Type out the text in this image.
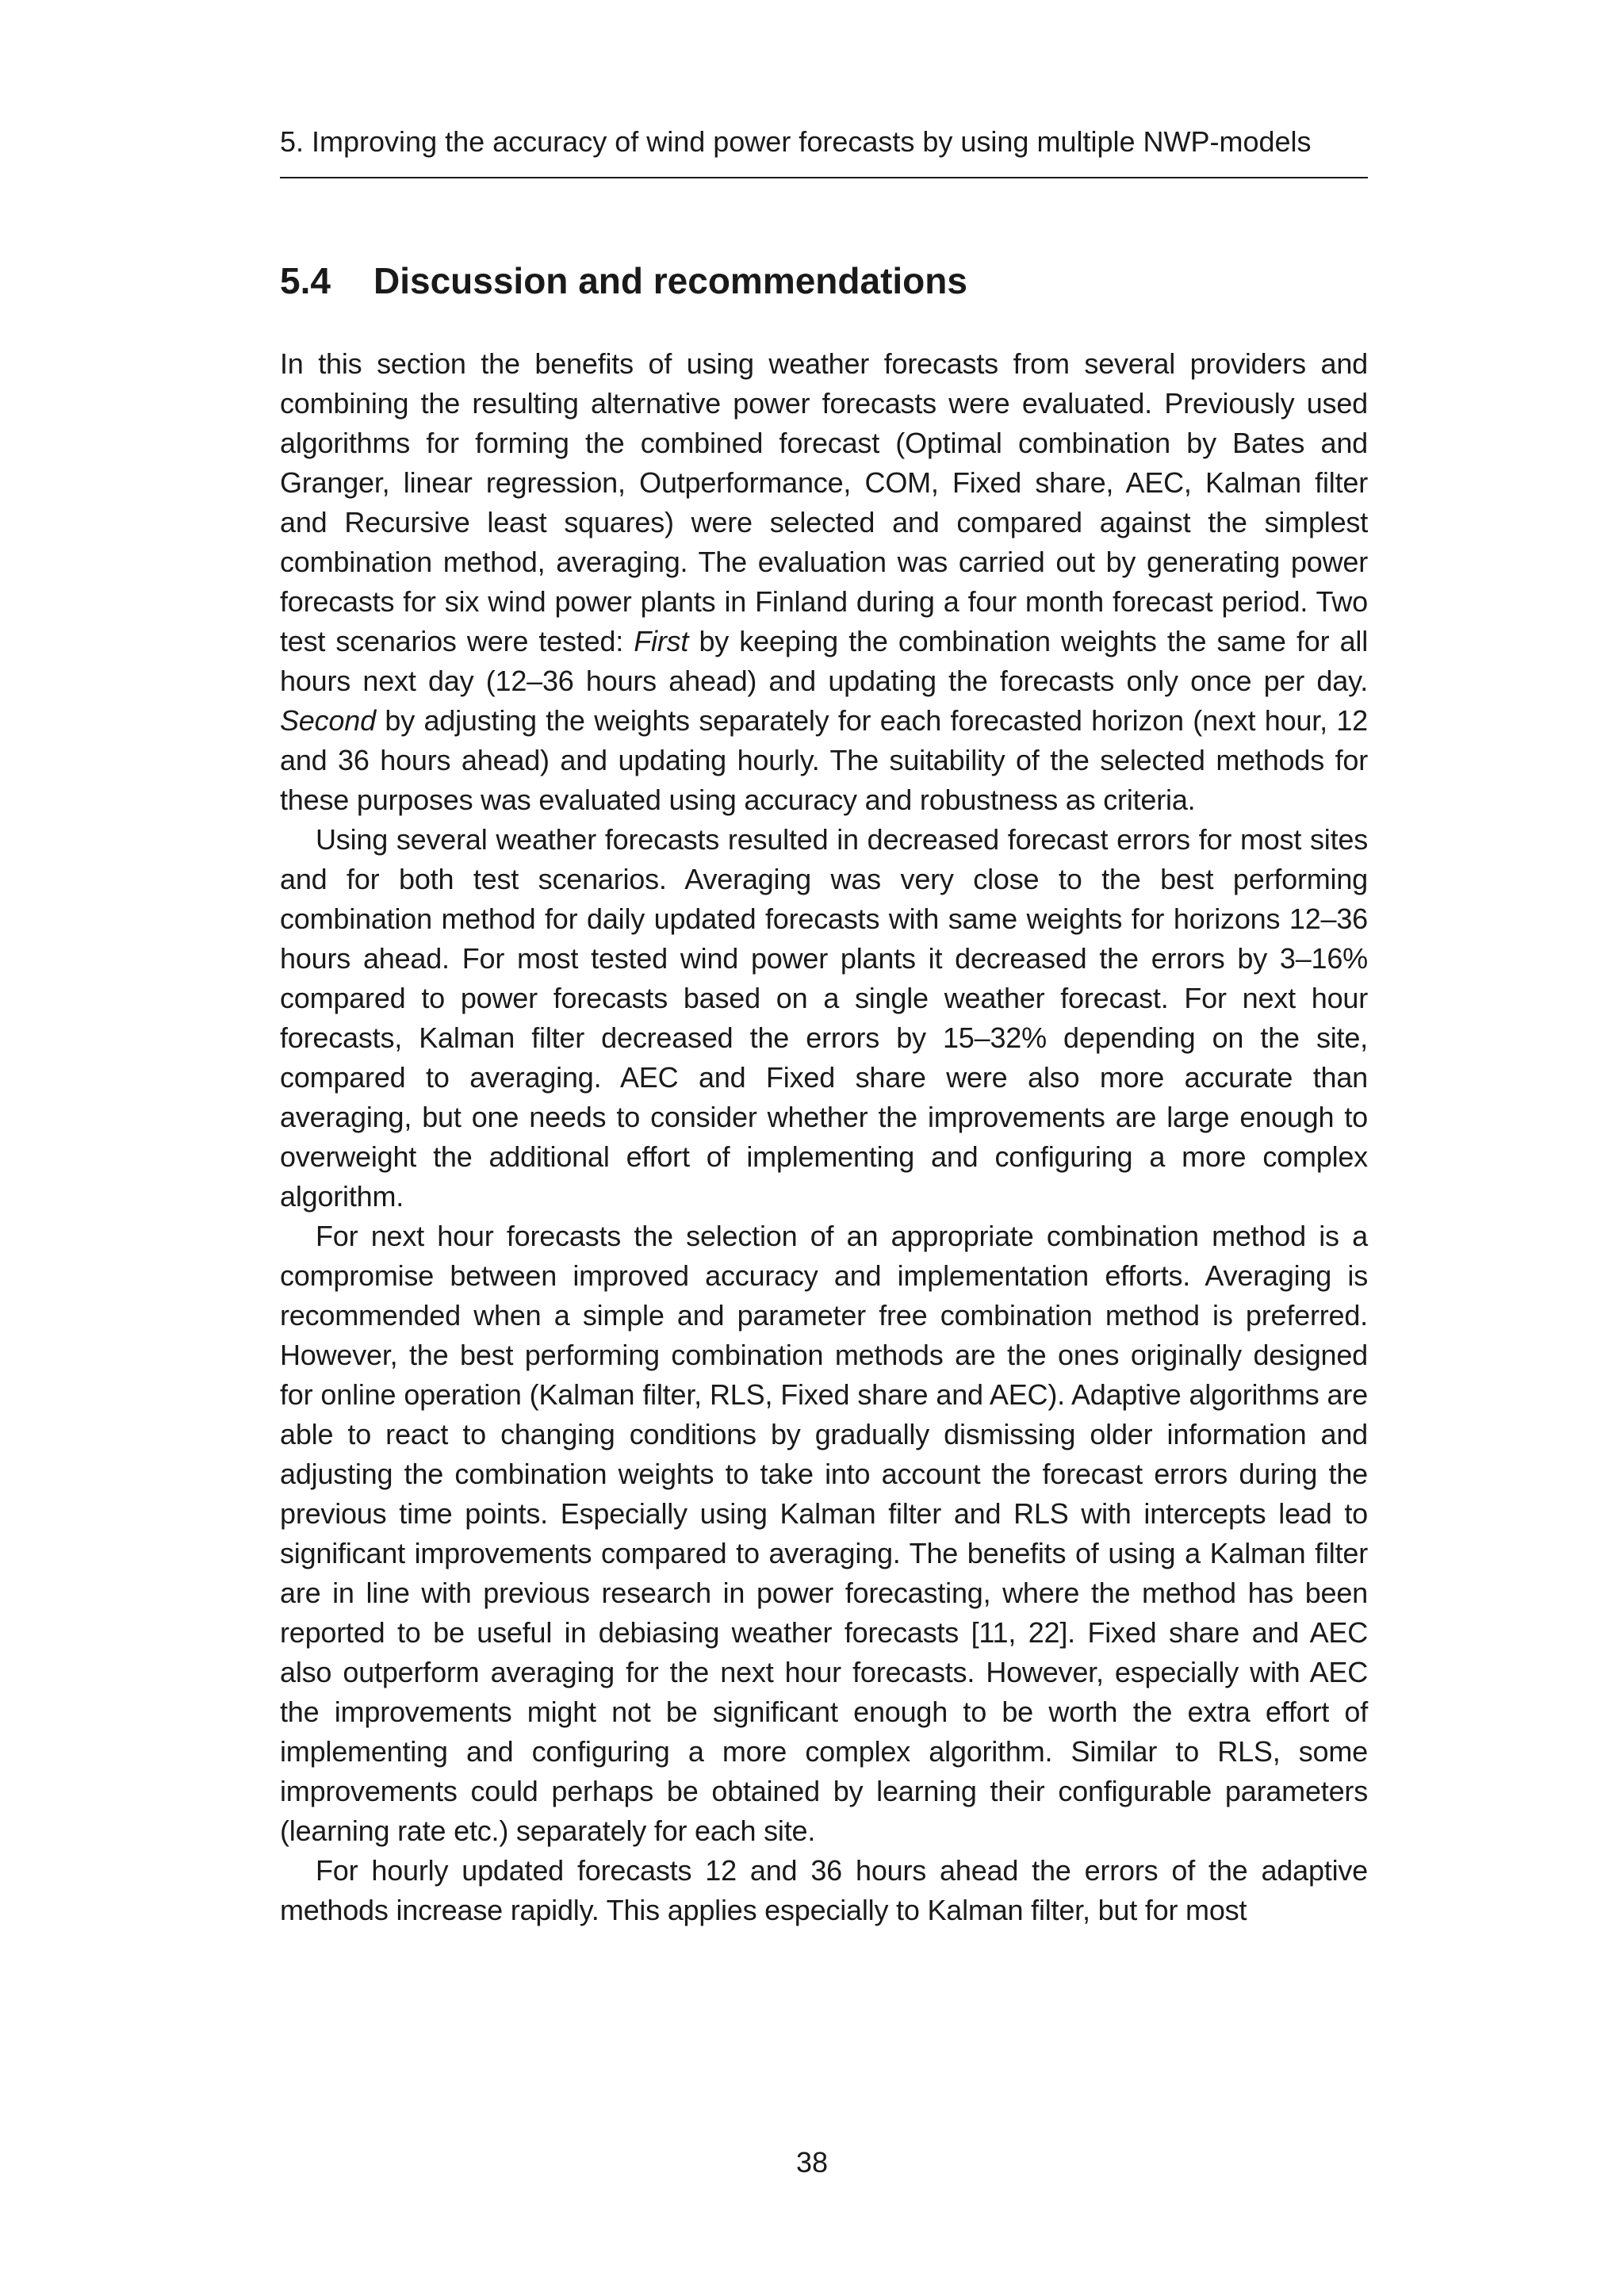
5. Improving the accuracy of wind power forecasts by using multiple NWP-models
5.4 Discussion and recommendations

In this section the benefits of using weather forecasts from several providers and combining the resulting alternative power forecasts were evaluated. Previously used algorithms for forming the combined forecast (Optimal combination by Bates and Granger, linear regression, Outperformance, COM, Fixed share, AEC, Kalman filter and Recursive least squares) were selected and compared against the simplest combination method, averaging. The evaluation was carried out by generating power forecasts for six wind power plants in Finland during a four month forecast period. Two test scenarios were tested: First by keeping the combination weights the same for all hours next day (12–36 hours ahead) and updating the forecasts only once per day. Second by adjusting the weights separately for each forecasted horizon (next hour, 12 and 36 hours ahead) and updating hourly. The suitability of the selected methods for these purposes was evaluated using accuracy and robustness as criteria.

Using several weather forecasts resulted in decreased forecast errors for most sites and for both test scenarios. Averaging was very close to the best performing combination method for daily updated forecasts with same weights for horizons 12–36 hours ahead. For most tested wind power plants it decreased the errors by 3–16% compared to power forecasts based on a single weather forecast. For next hour forecasts, Kalman filter decreased the errors by 15–32% depending on the site, compared to averaging. AEC and Fixed share were also more accurate than averaging, but one needs to consider whether the improvements are large enough to overweight the additional effort of implementing and configuring a more complex algorithm.

For next hour forecasts the selection of an appropriate combination method is a compromise between improved accuracy and implementation efforts. Averaging is recommended when a simple and parameter free combination method is preferred. However, the best performing combination methods are the ones originally designed for online operation (Kalman filter, RLS, Fixed share and AEC). Adaptive algorithms are able to react to changing conditions by gradually dismissing older information and adjusting the combination weights to take into account the forecast errors during the previous time points. Especially using Kalman filter and RLS with intercepts lead to significant improvements compared to averaging. The benefits of using a Kalman filter are in line with previous research in power forecasting, where the method has been reported to be useful in debiasing weather forecasts [11, 22]. Fixed share and AEC also outperform averaging for the next hour forecasts. However, especially with AEC the improvements might not be significant enough to be worth the extra effort of implementing and configuring a more complex algorithm. Similar to RLS, some improvements could perhaps be obtained by learning their configurable parameters (learning rate etc.) separately for each site.

For hourly updated forecasts 12 and 36 hours ahead the errors of the adaptive methods increase rapidly. This applies especially to Kalman filter, but for most

38
